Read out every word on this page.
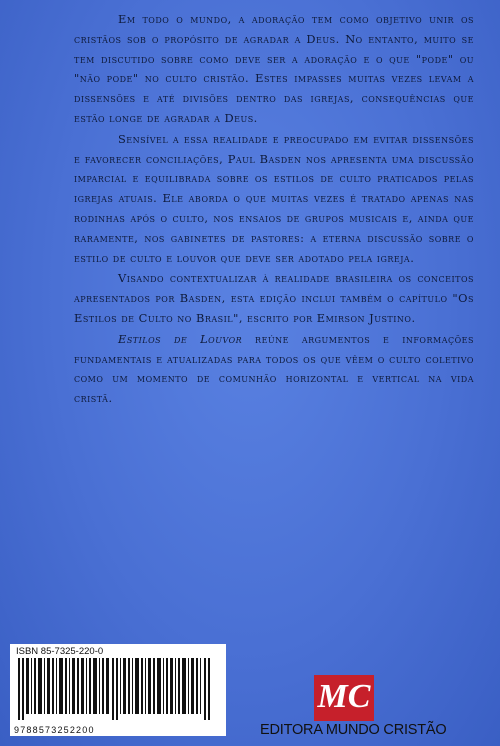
Em todo o mundo, a adoração tem como objetivo unir os cristãos sob o propósito de agradar a Deus. No entanto, muito se tem discutido sobre como deve ser a adoração e o que "pode" ou "não pode" no culto cristão. Estes impasses muitas vezes levam a dissensões e até divisões dentro das igrejas, consequências que estão longe de agradar a Deus.

Sensível a essa realidade e preocupado em evitar dissensões e favorecer conciliações, Paul Basden nos apresenta uma discussão imparcial e equilibrada sobre os estilos de culto praticados pelas igrejas atuais. Ele aborda o que muitas vezes é tratado apenas nas rodinhas após o culto, nos ensaios de grupos musicais e, ainda que raramente, nos gabinetes de pastores: a eterna discussão sobre o estilo de culto e louvor que deve ser adotado pela igreja.

Visando contextualizar à realidade brasileira os conceitos apresentados por Basden, esta edição inclui também o capítulo "Os Estilos de Culto no Brasil", escrito por Emirson Justino.

Estilos de Louvor reúne argumentos e informações fundamentais e atualizadas para todos os que vêem o culto coletivo como um momento de comunhão horizontal e vertical na vida cristã.

ISBN 85-7325-220-0
9788573252200
MC
EDITORA MUNDO CRISTÃO
